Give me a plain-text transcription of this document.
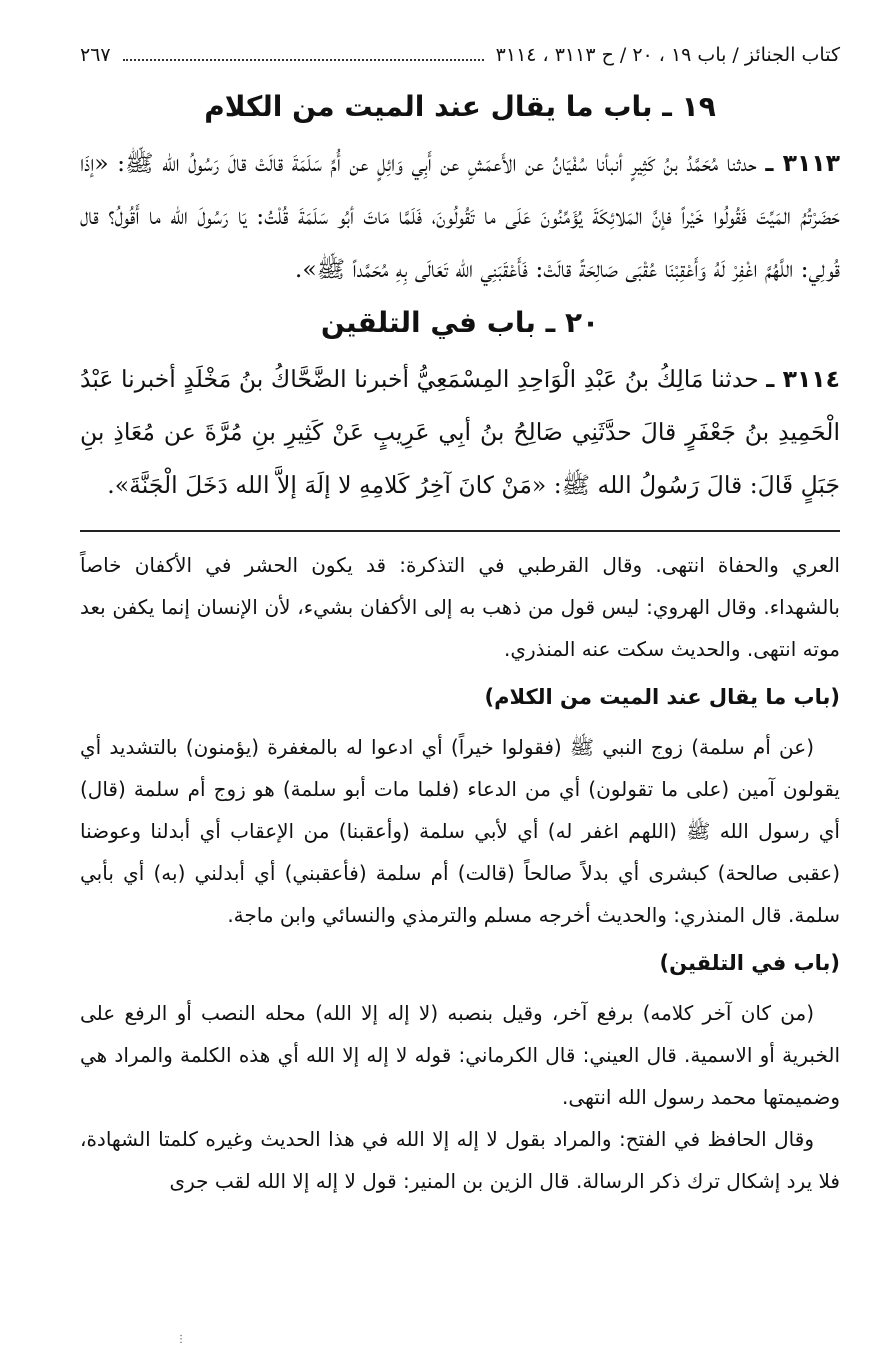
كتاب الجنائز / باب ١٩ ، ٢٠ / ح ٣١١٣ ، ٣١١٤
٢٦٧
١٩ ـ باب ما يقال عند الميت من الكلام
٣١١٣ ـ حدثنا مُحَمَّدُ بنُ كَثِيرٍ أنبأنا سُفْيَانُ عن الأَعمَشِ عن أَبِي وَائِلٍ عن أُمِّ سَلَمَةَ قالَتْ قالَ رَسُولُ الله ﷺ: «إذَا حَضَرْتُمُ المَيِّتَ فَقُولُوا خَيْراً فإنَّ المَلائِكَةَ يُؤَمِّنُونَ عَلَى ما تَقُولُونَ، فَلَمَّا مَاتَ أبُو سَلَمَةَ قُلْتُ: يَا رَسُولَ الله ما أَقُولُ؟ قال قُولِي: اللَّهُمَّ اغْفِرْ لَهُ وَأَعْقِبْنَا عُقْبَى صَالِحَةً قالَتْ: فَأَعْقَبَنِي الله تَعَالَى بِهِ مُحَمَّداً ﷺ».
٢٠ ـ باب في التلقين
٣١١٤ ـ حدثنا مَالِكُ بنُ عَبْدِ الْوَاحِدِ المِسْمَعِيُّ أخبرنا الضَّحَّاكُ بنُ مَخْلَدٍ أخبرنا عَبْدُ الْحَمِيدِ بنُ جَعْفَرٍ قالَ حدَّثَنِي صَالِحُ بنُ أبِي عَرِيبٍ عَنْ كَثِيرِ بنِ مُرَّةَ عن مُعَاذِ بنِ جَبَلٍ قَالَ: قالَ رَسُولُ الله ﷺ: «مَنْ كانَ آخِرُ كَلامِهِ لا إلَهَ إلاَّ الله دَخَلَ الْجَنَّةَ».

العري والحفاة انتهى. وقال القرطبي في التذكرة: قد يكون الحشر في الأكفان خاصاً بالشهداء. وقال الهروي: ليس قول من ذهب به إلى الأكفان بشيء، لأن الإنسان إنما يكفن بعد موته انتهى. والحديث سكت عنه المنذري.

(باب ما يقال عند الميت من الكلام)

(عن أم سلمة) زوج النبي ﷺ (فقولوا خيراً) أي ادعوا له بالمغفرة (يؤمنون) بالتشديد أي يقولون آمين (على ما تقولون) أي من الدعاء (فلما مات أبو سلمة) هو زوج أم سلمة (قال) أي رسول الله ﷺ (اللهم اغفر له) أي لأبي سلمة (وأعقبنا) من الإعقاب أي أبدلنا وعوضنا (عقبى صالحة) كبشرى أي بدلاً صالحاً (قالت) أم سلمة (فأعقبني) أي أبدلني (به) أي بأبي سلمة. قال المنذري: والحديث أخرجه مسلم والترمذي والنسائي وابن ماجة.

(باب في التلقين)

(من كان آخر كلامه) برفع آخر، وقيل بنصبه (لا إله إلا الله) محله النصب أو الرفع على الخبرية أو الاسمية. قال العيني: قال الكرماني: قوله لا إله إلا الله أي هذه الكلمة والمراد هي وضميمتها محمد رسول الله انتهى.

وقال الحافظ في الفتح: والمراد بقول لا إله إلا الله في هذا الحديث وغيره كلمتا الشهادة، فلا يرد إشكال ترك ذكر الرسالة. قال الزين بن المنير: قول لا إله إلا الله لقب جرى

⋮
